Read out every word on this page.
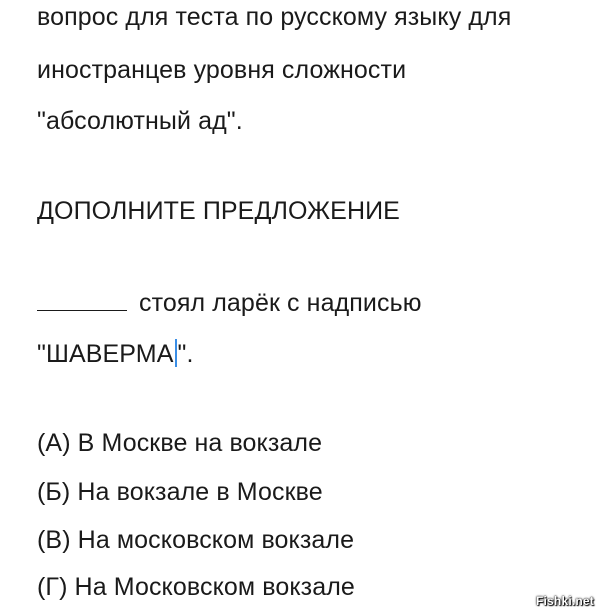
вопрос для теста по русскому языку для
иностранцев уровня сложности
"абсолютный ад".
ДОПОЛНИТЕ ПРЕДЛОЖЕНИЕ
стоял ларёк с надписью
"ШАВЕРМА ".
(А) В Москве на вокзале
(Б) На вокзале в Москве
(В) На московском вокзале
(Г) На Московском вокзале	Fishki.net
